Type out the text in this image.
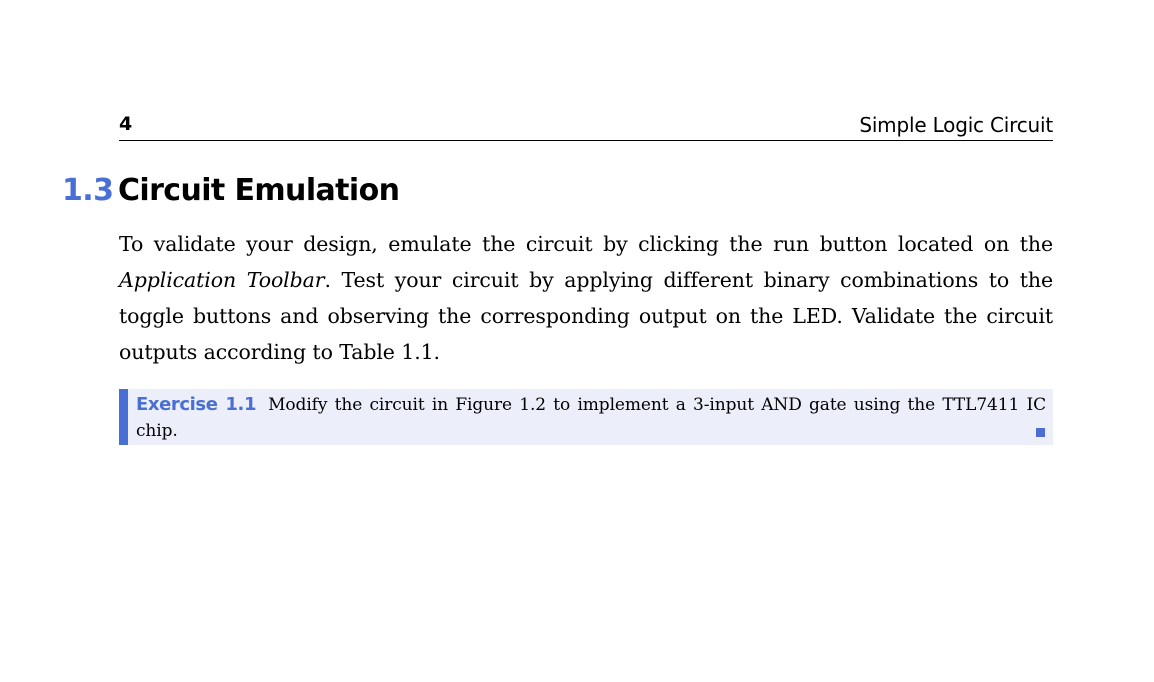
4	Simple Logic Circuit
1.3 Circuit Emulation

To validate your design, emulate the circuit by clicking the run button located on the Application Toolbar. Test your circuit by applying different binary combinations to the toggle buttons and observing the corresponding output on the LED. Validate the circuit outputs according to Table 1.1.

Exercise 1.1 Modify the circuit in Figure 1.2 to implement a 3-input AND gate using the TTL7411 IC chip.
